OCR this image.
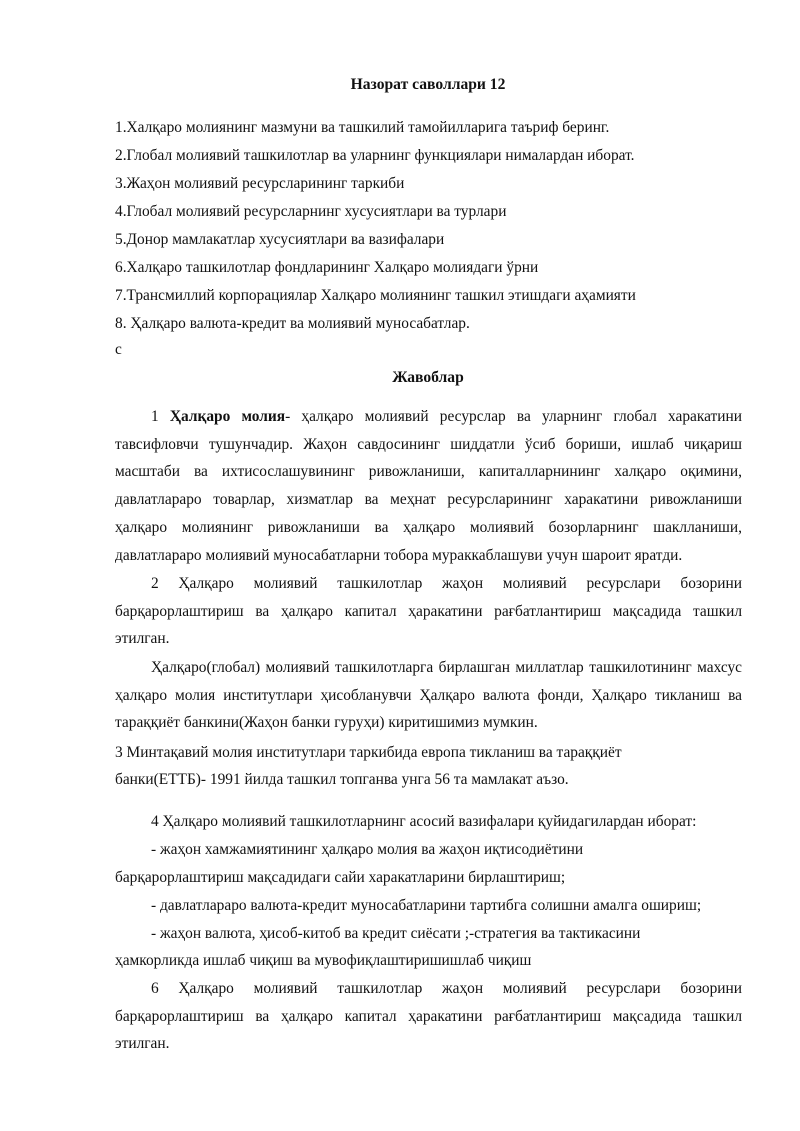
Назорат саволлари 12
1.Халқаро молиянинг мазмуни ва ташкилий тамойилларига таъриф беринг.
2.Глобал молиявий ташкилотлар ва уларнинг функциялари нималардан иборат.
3.Жаҳон молиявий ресурсларининг таркиби
4.Глобал молиявий ресурсларнинг хусусиятлари ва турлари
5.Донор мамлакатлар хусусиятлари ва вазифалари
6.Халқаро ташкилотлар фондларининг Халқаро молиядаги ўрни
7.Трансмиллий корпорациялар Халқаро молиянинг ташкил этишдаги аҳамияти
8. Ҳалқаро валюта-кредит ва молиявий муносабатлар.
с
Жавоблар
1 Ҳалқаро молия- ҳалқаро молиявий ресурслар ва уларнинг глобал харакатини тавсифловчи тушунчадир. Жаҳон савдосининг шиддатли ўсиб бориши, ишлаб чиқариш масштаби ва ихтисослашувининг ривожланиши, капиталларнининг халқаро оқимини, давлатлараро товарлар, хизматлар ва меҳнат ресурсларининг харакатини ривожланиши ҳалқаро молиянинг ривожланиши ва ҳалқаро молиявий бозорларнинг шаклланиши, давлатлараро молиявий муносабатларни тобора мураккаблашуви учун шароит яратди.
2 Ҳалқаро молиявий ташкилотлар жаҳон молиявий ресурслари бозорини барқарорлаштириш ва ҳалқаро капитал ҳаракатини рағбатлантириш мақсадида ташкил этилган.
Ҳалқаро(глобал) молиявий ташкилотларга бирлашган миллатлар ташкилотининг махсус ҳалқаро молия институтлари ҳисобланувчи Ҳалқаро валюта фонди, Ҳалқаро тикланиш ва тараққиёт банкини(Жаҳон банки гуруҳи) киритишимиз мумкин.
3 Минтақавий молия институтлари таркибида европа тикланиш ва тараққиёт
банки(ЕТТБ)- 1991 йилда ташкил топганва унга 56 та мамлакат аъзо.
4 Ҳалқаро молиявий ташкилотларнинг асосий вазифалари қуйидагилардан иборат:
- жаҳон хамжамиятининг ҳалқаро молия ва жаҳон иқтисодиётини
барқарорлаштириш мақсадидаги сайи харакатларини бирлаштириш;
- давлатлараро валюта-кредит муносабатларини тартибга солишни амалга ошириш;
- жаҳон валюта, ҳисоб-китоб ва кредит сиёсати ;-стратегия ва тактикасини
ҳамкорликда ишлаб чиқиш ва мувофиқлаштиришишлаб чиқиш
6 Ҳалқаро молиявий ташкилотлар жаҳон молиявий ресурслари бозорини барқарорлаштириш ва ҳалқаро капитал ҳаракатини рағбатлантириш мақсадида ташкил этилган.
